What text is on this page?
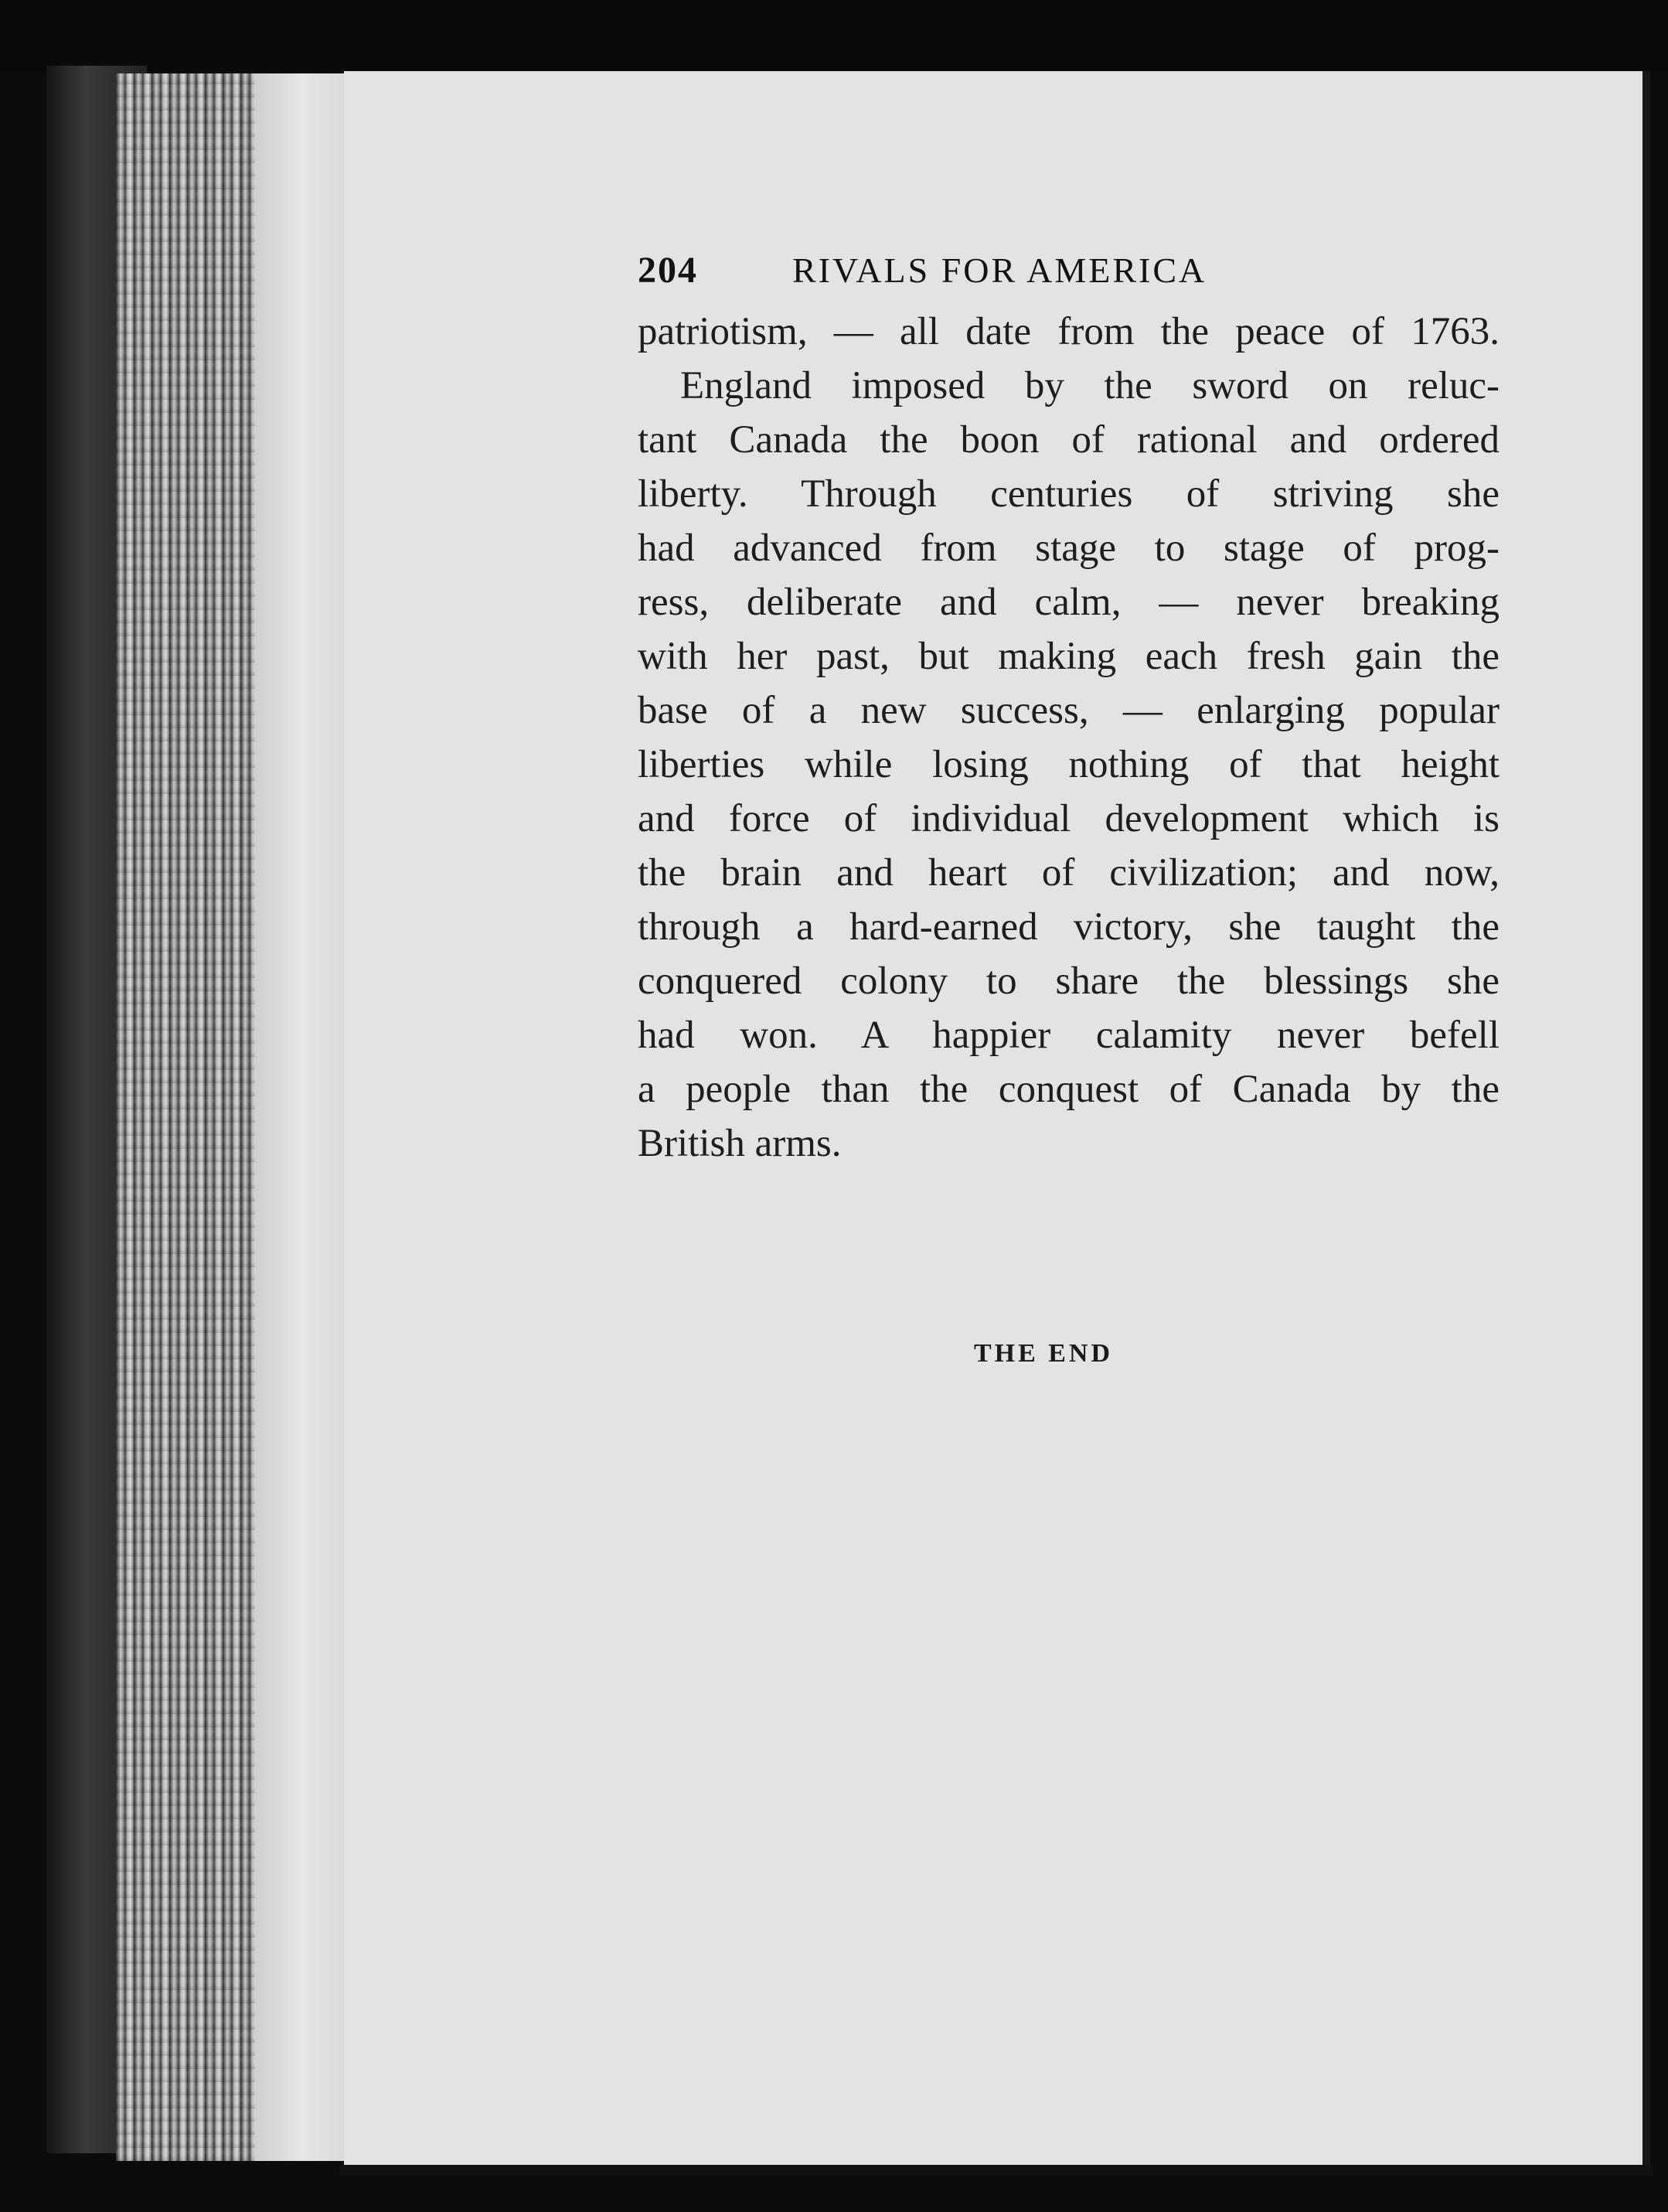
204	RIVALS FOR AMERICA
patriotism, — all date from the peace of 1763.
England imposed by the sword on reluc-
tant Canada the boon of rational and ordered
liberty. Through centuries of striving she
had advanced from stage to stage of prog-
ress, deliberate and calm, — never breaking
with her past, but making each fresh gain the
base of a new success, — enlarging popular
liberties while losing nothing of that height
and force of individual development which is
the brain and heart of civilization; and now,
through a hard-earned victory, she taught the
conquered colony to share the blessings she
had won. A happier calamity never befell
a people than the conquest of Canada by the
British arms.
THE END
